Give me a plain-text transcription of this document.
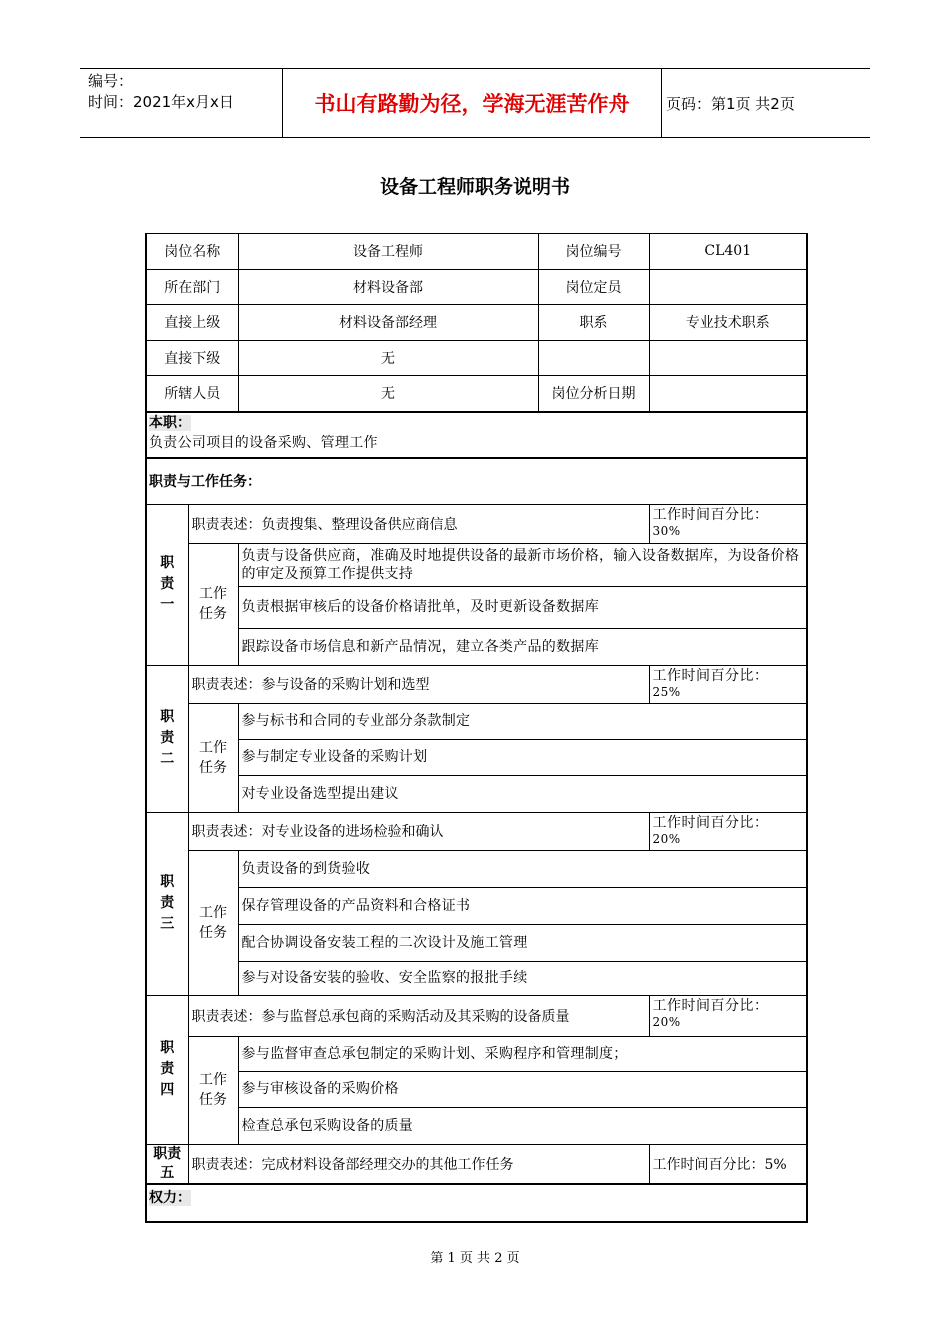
编号：
时间：2021年x月x日	书山有路勤为径，学海无涯苦作舟	页码：第1页 共2页
设备工程师职务说明书
岗位名称		设备工程师	岗位编号	CL401
所在部门		材料设备部	岗位定员	
直接上级		材料设备部经理	职系	专业技术职系
直接下级		无		
所辖人员		无	岗位分析日期	

本职：
负责公司项目的设备采购、管理工作				

职责与工作任务：				

职责一	职责表述：负责搜集、整理设备供应商信息			工作时间百分比：
30%

	工作任务	负责与设备供应商，准确及时地提供设备的最新市场价格，输入设备数据库，为设备价格的审定及预算工作提供支持		
		负责根据审核后的设备价格请批单，及时更新设备数据库		
		跟踪设备市场信息和新产品情况，建立各类产品的数据库		

职责二	职责表述：参与设备的采购计划和选型			工作时间百分比：
25%

	工作任务	参与标书和合同的专业部分条款制定		
		参与制定专业设备的采购计划		
		对专业设备选型提出建议		

职责三	职责表述：对专业设备的进场检验和确认			工作时间百分比：
20%

	工作任务	负责设备的到货验收		
		保存管理设备的产品资料和合格证书		
		配合协调设备安装工程的二次设计及施工管理		
		参与对设备安装的验收、安全监察的报批手续		

职责四	职责表述：参与监督总承包商的采购活动及其采购的设备质量			工作时间百分比：
20%

	工作任务	参与监督审查总承包制定的采购计划、采购程序和管理制度；		
		参与审核设备的采购价格		
		检查总承包采购设备的质量		

职责五	职责表述：完成材料设备部经理交办的其他工作任务			工作时间百分比：5%
权力：				
第 1 页 共 2 页
